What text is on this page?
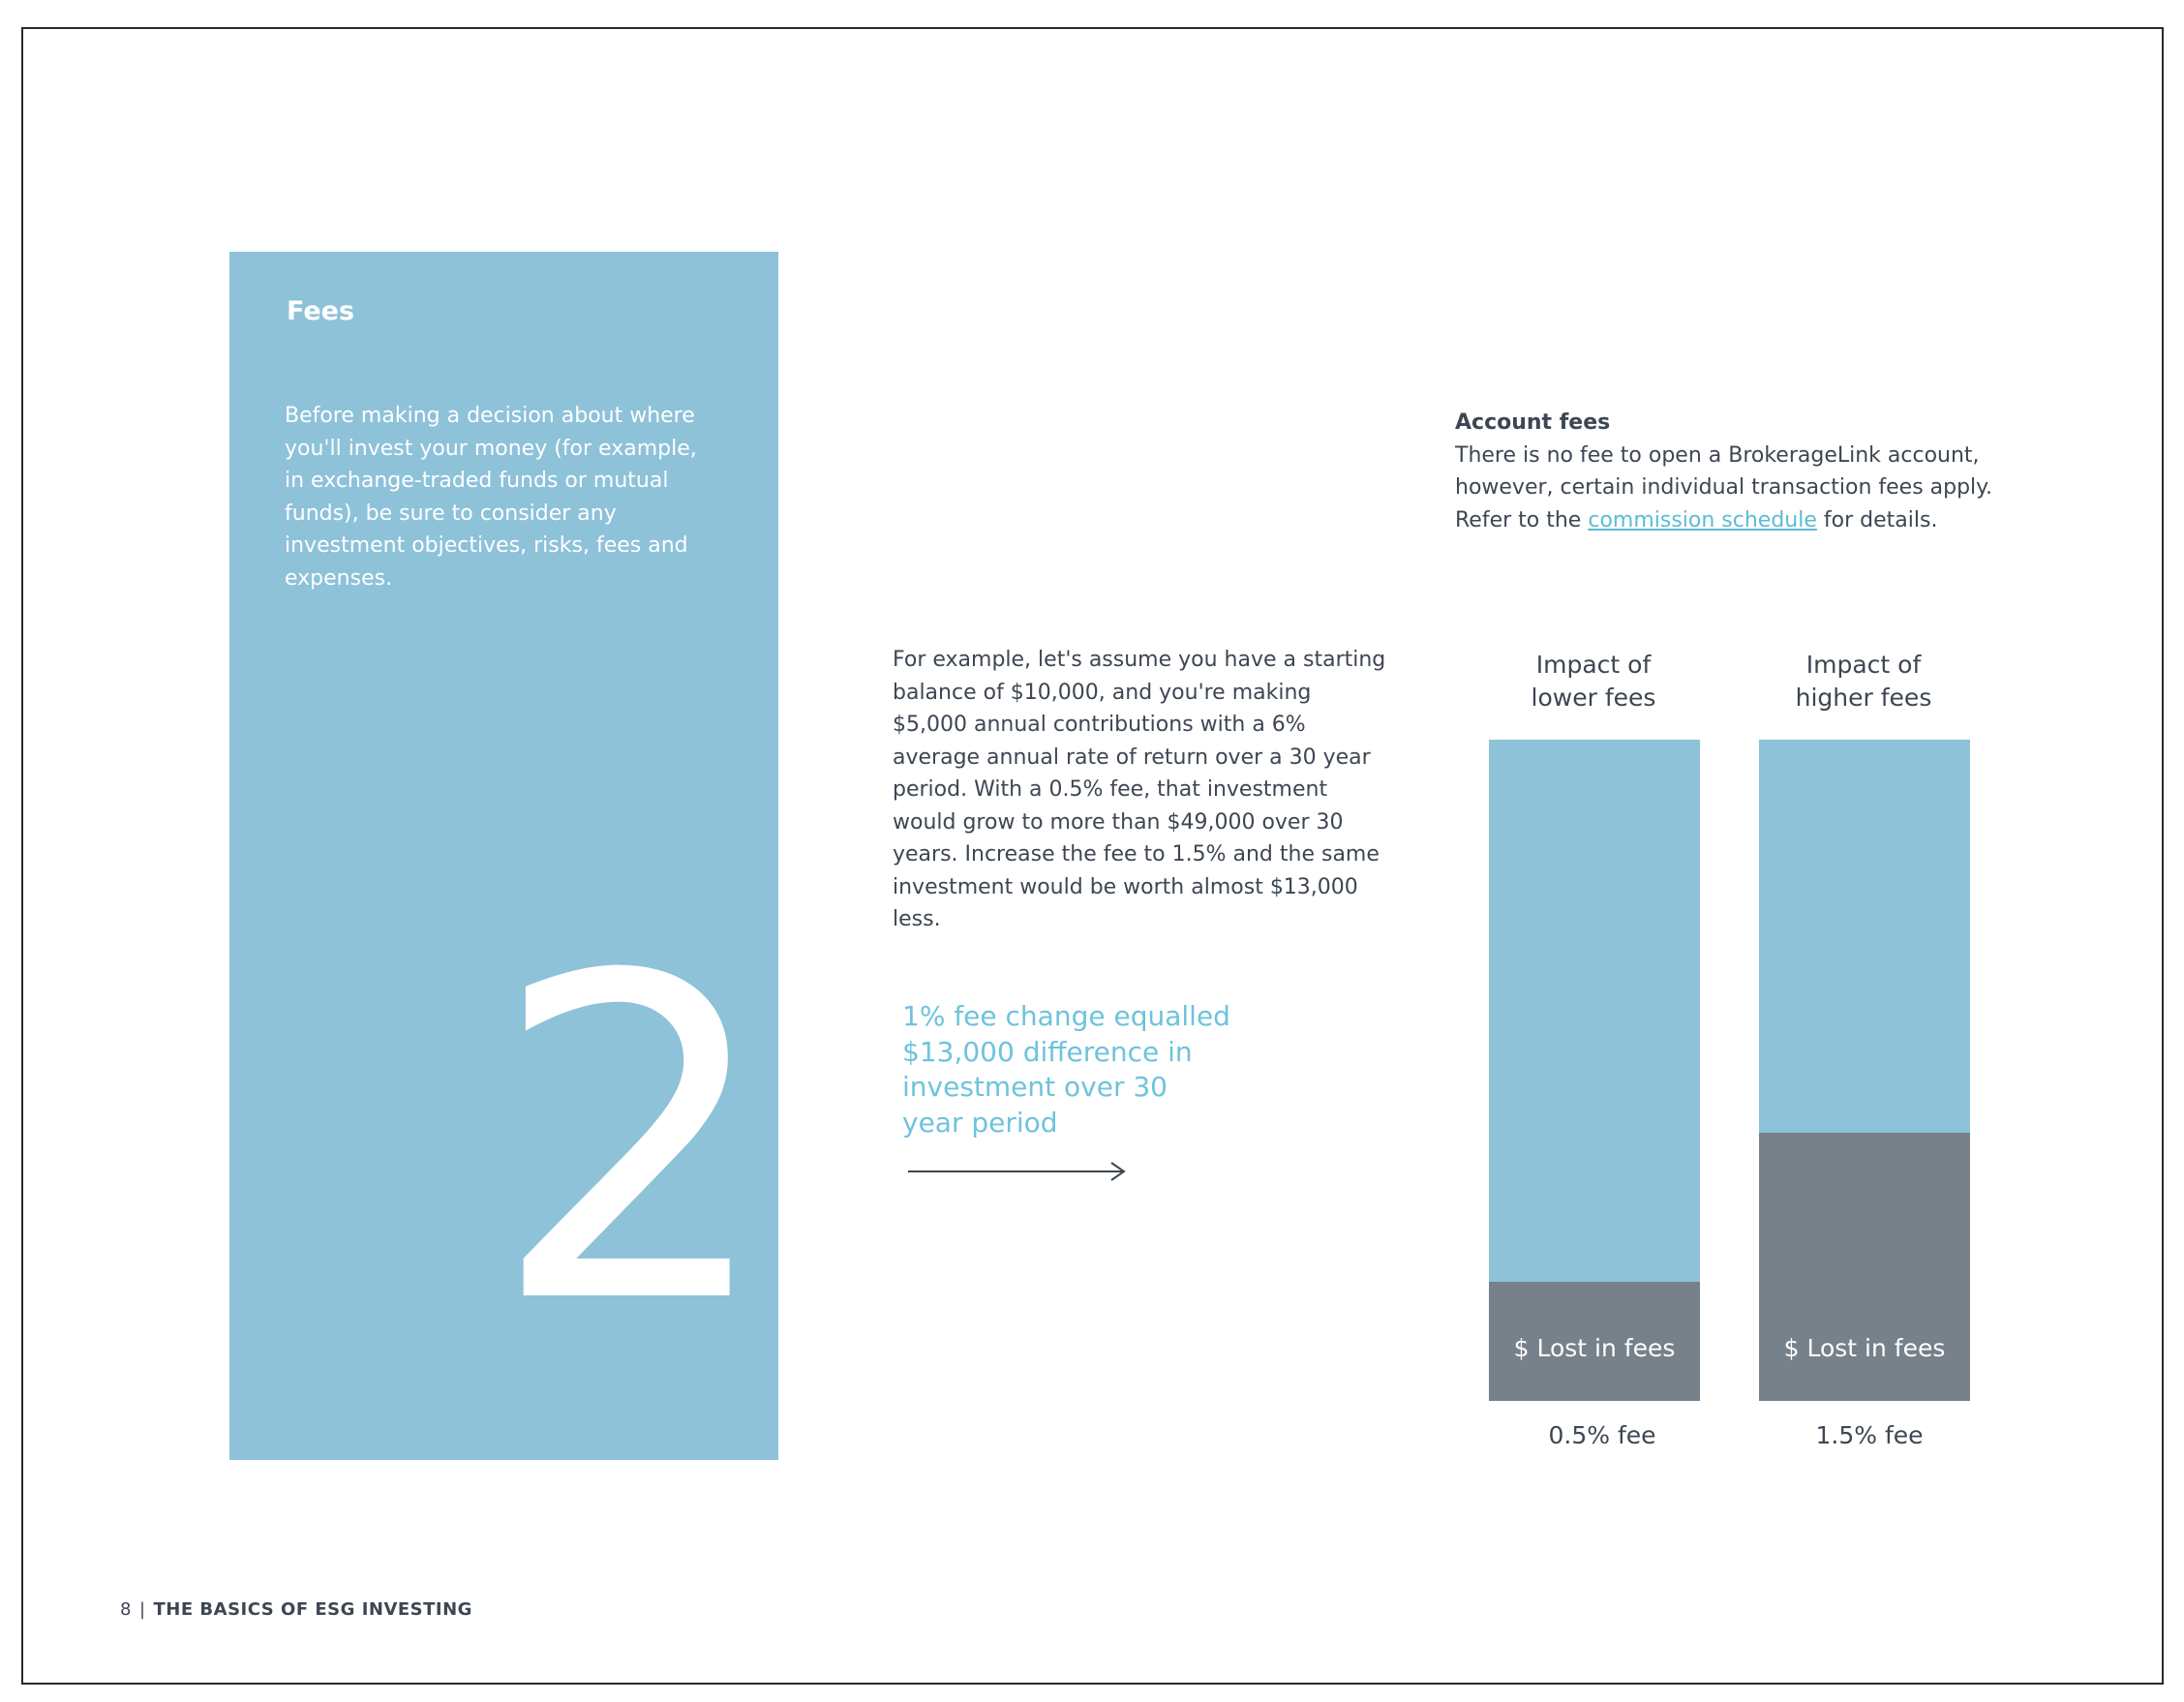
Fees
Before making a decision about where you'll invest your money (for example, in exchange-traded funds or mutual funds), be sure to consider any investment objectives, risks, fees and expenses.
2
For example, let's assume you have a starting balance of $10,000, and you're making $5,000 annual contributions with a 6% average annual rate of return over a 30 year period. With a 0.5% fee, that investment would grow to more than $49,000 over 30 years. Increase the fee to 1.5% and the same investment would be worth almost $13,000 less.
1% fee change equalled $13,000 difference in investment over 30 year period
Account fees
There is no fee to open a BrokerageLink account, however, certain individual transaction fees apply. Refer to the commission schedule for details.
Impact of
lower fees
$ Lost in fees
0.5% fee
Impact of
higher fees
$ Lost in fees
1.5% fee
8 | THE BASICS OF ESG INVESTING
